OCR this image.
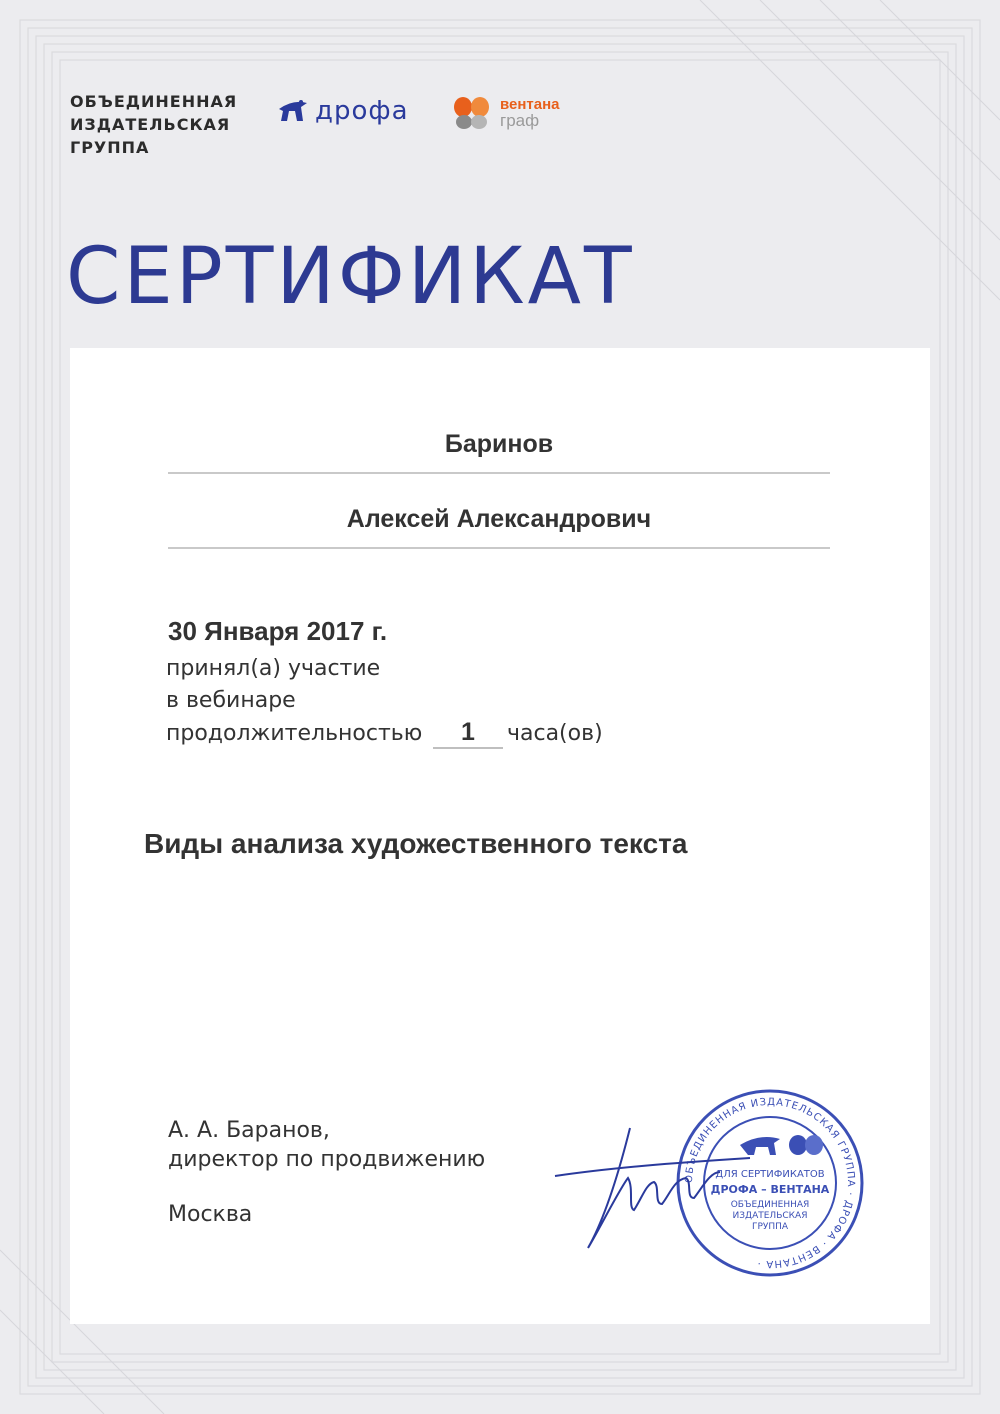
ОБЪЕДИНЕННАЯ
ИЗДАТЕЛЬСКАЯ
ГРУППА
дрофа	вентана
граф
СЕРТИФИКАТ
Баринов
Алексей Александрович
30 Января 2017 г.
принял(а) участие
в вебинаре
продолжительностью	1	часа(ов)
Виды анализа художественного текста
А. А. Баранов,
директор по продвижению
Москва
ОБЪЕДИНЕННАЯ ИЗДАТЕЛЬСКАЯ ГРУППА · ДРОФА · ВЕНТАНА ·
ДЛЯ СЕРТИФИКАТОВ
ДРОФА – ВЕНТАНА
ОБЪЕДИНЕННАЯ
ИЗДАТЕЛЬСКАЯ
ГРУППА
